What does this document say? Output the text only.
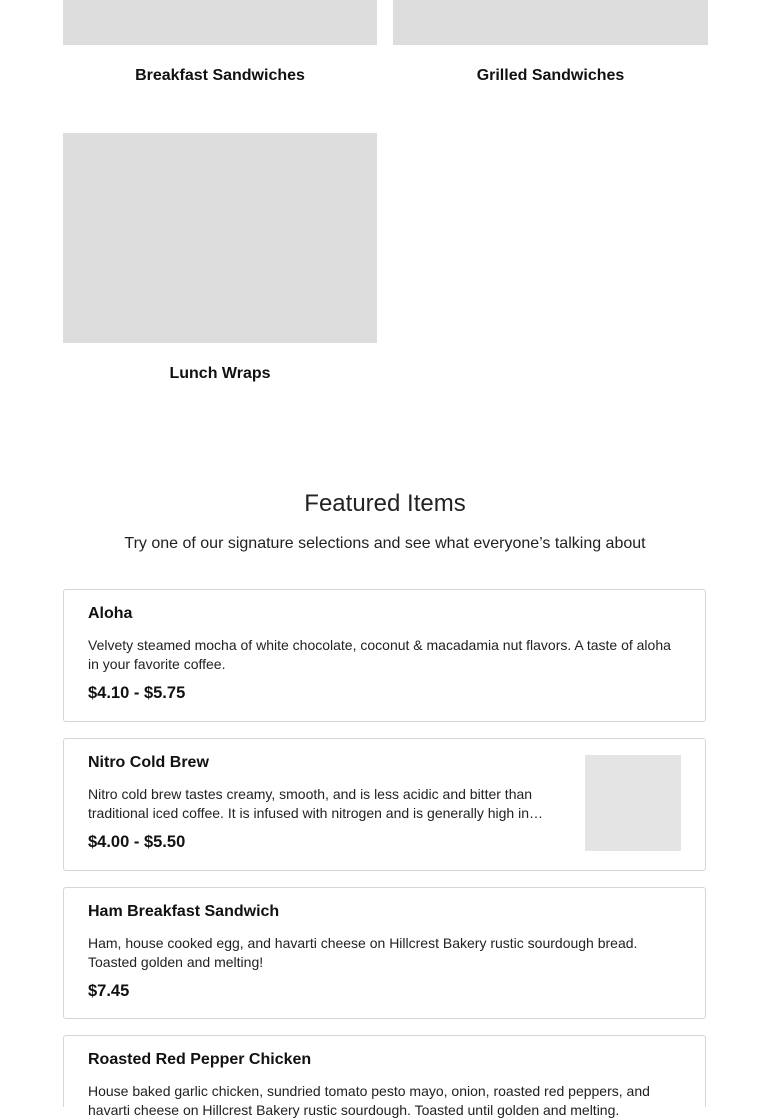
Breakfast Sandwiches	Grilled Sandwiches
Lunch Wraps
Featured Items
Try one of our signature selections and see what everyone’s talking about
Aloha
Velvety steamed mocha of white chocolate, coconut & macadamia nut flavors. A taste of aloha in your favorite coffee.
$4.10 - $5.75
Nitro Cold Brew
Nitro cold brew tastes creamy, smooth, and is less acidic and bitter than traditional iced coffee. It is infused with nitrogen and is generally high in…
$4.00 - $5.50
Ham Breakfast Sandwich
Ham, house cooked egg, and havarti cheese on Hillcrest Bakery rustic sourdough bread. Toasted golden and melting!
$7.45
Roasted Red Pepper Chicken
House baked garlic chicken, sundried tomato pesto mayo, onion, roasted red peppers, and havarti cheese on Hillcrest Bakery rustic sourdough. Toasted until golden and melting.
